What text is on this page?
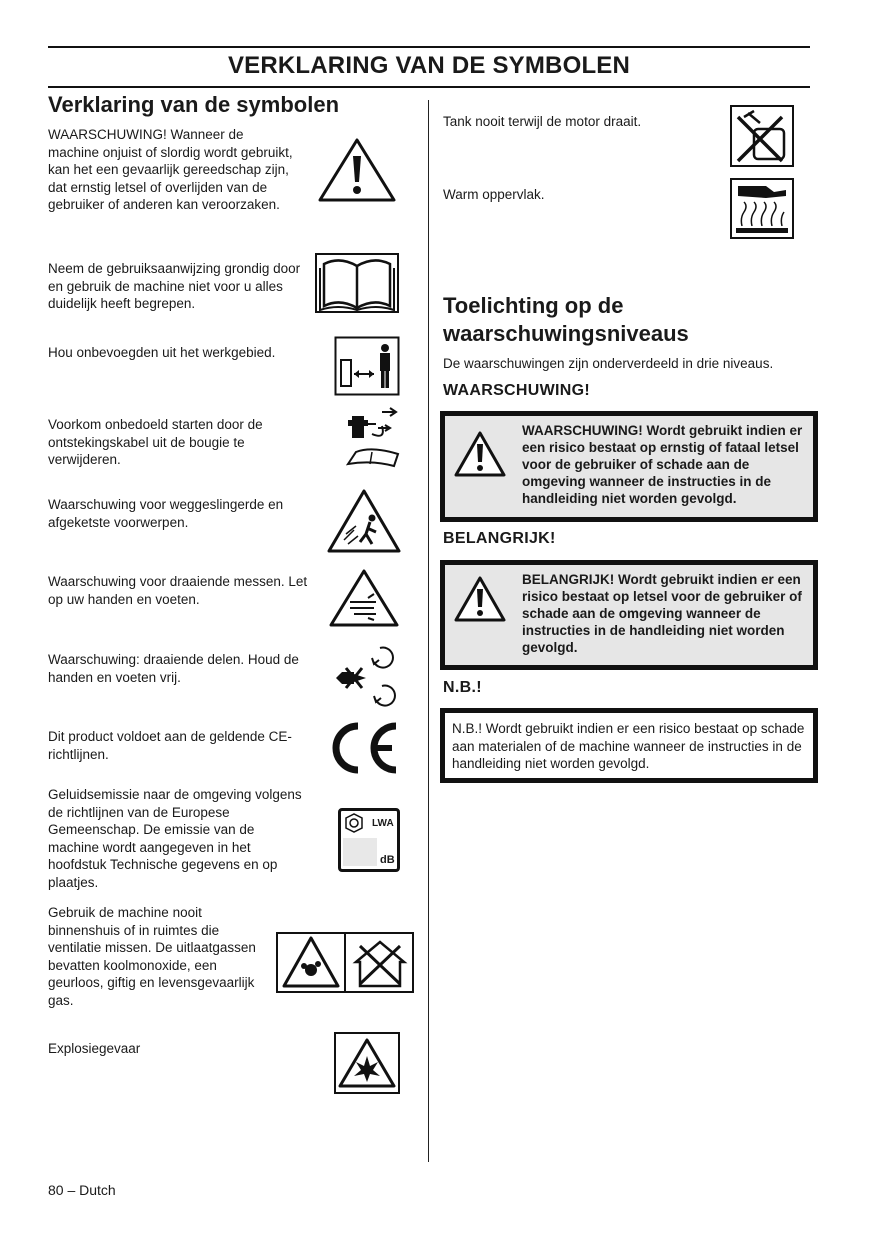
VERKLARING VAN DE SYMBOLEN
Verklaring van de symbolen
WAARSCHUWING! Wanneer de machine onjuist of slordig wordt gebruikt, kan het een gevaarlijk gereedschap zijn, dat ernstig letsel of overlijden van de gebruiker of anderen kan veroorzaken.
Neem de gebruiksaanwijzing grondig door en gebruik de machine niet voor u alles duidelijk heeft begrepen.
Hou onbevoegden uit het werkgebied.
Voorkom onbedoeld starten door de ontstekingskabel uit de bougie te verwijderen.
Waarschuwing voor weggeslingerde en afgeketste voorwerpen.
Waarschuwing voor draaiende messen. Let op uw handen en voeten.
Waarschuwing: draaiende delen. Houd de handen en voeten vrij.
Dit product voldoet aan de geldende CE-richtlijnen.
Geluidsemissie naar de omgeving volgens de richtlijnen van de Europese Gemeenschap. De emissie van de machine wordt aangegeven in het hoofdstuk Technische gegevens en op plaatjes.
LWA
dB
Gebruik de machine nooit binnenshuis of in ruimtes die ventilatie missen. De uitlaatgassen bevatten koolmonoxide, een geurloos, giftig en levensgevaarlijk gas.
Explosiegevaar
Tank nooit terwijl de motor draait.
Warm oppervlak.
Toelichting op de waarschuwingsniveaus
De waarschuwingen zijn onderverdeeld in drie niveaus.
WAARSCHUWING!
WAARSCHUWING! Wordt gebruikt indien er een risico bestaat op ernstig of fataal letsel voor de gebruiker of schade aan de omgeving wanneer de instructies in de handleiding niet worden gevolgd.
BELANGRIJK!
BELANGRIJK! Wordt gebruikt indien er een risico bestaat op letsel voor de gebruiker of schade aan de omgeving wanneer de instructies in de handleiding niet worden gevolgd.
N.B.!
N.B.! Wordt gebruikt indien er een risico bestaat op schade aan materialen of de machine wanneer de instructies in de handleiding niet worden gevolgd.
80 – Dutch
